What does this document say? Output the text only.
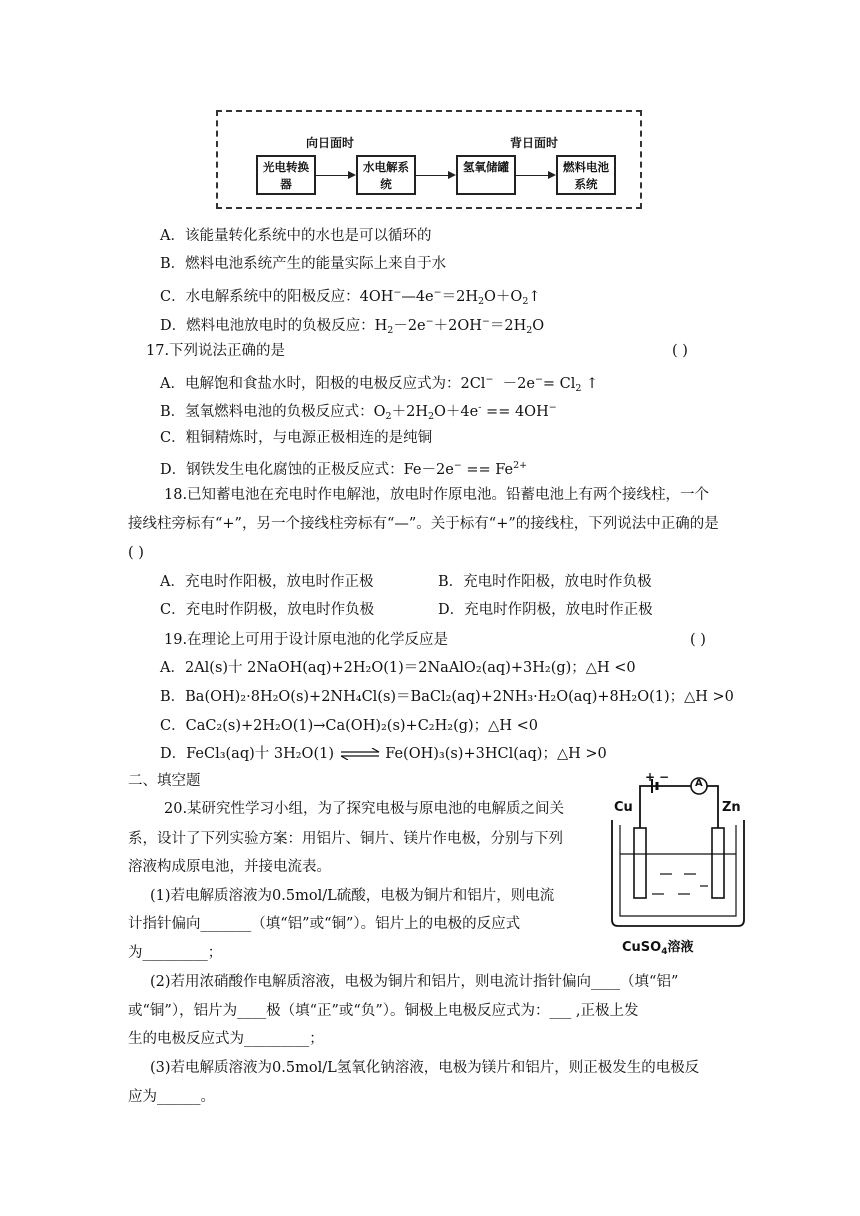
向日面时	背日面时
光电转换器
水电解系统
氢氧储罐	燃料电池系统
A．该能量转化系统中的水也是可以循环的
B．燃料电池系统产生的能量实际上来自于水
C．水电解系统中的阳极反应：$4OH^-—4e^-=2H_2O+O_2↑$
D．燃料电池放电时的负极反应：$H_2-2e^-+2OH^-=2H_2O$
17.下列说法正确的是	( )
A．电解饱和食盐水时，阳极的电极反应式为：$2Cl^- -2e^-= Cl_2$ ↑
B．氢氧燃料电池的负极反应式：$O_2+2H_2O+4e^- == 4OH^-$
C．粗铜精炼时，与电源正极相连的是纯铜
D．钢铁发生电化腐蚀的正极反应式：$Fe-2e^- == Fe^{2+}$
18.已知蓄电池在充电时作电解池，放电时作原电池。铅蓄电池上有两个接线柱，一个
接线柱旁标有“+”，另一个接线柱旁标有“—”。关于标有“+”的接线柱，下列说法中正确的是
( )
A．充电时作阳极，放电时作正极	B．充电时作阳极，放电时作负极
C．充电时作阴极，放电时作负极	D．充电时作阴极，放电时作正极
19.在理论上可用于设计原电池的化学反应是	( )
A．2Al(s)十 2NaOH(aq)+2H₂O(1)＝2NaAlO₂(aq)+3H₂(g)；△H <0
B．Ba(OH)₂·8H₂O(s)+2NH₄Cl(s)＝BaCl₂(aq)+2NH₃·H₂O(aq)+8H₂O(1)；△H >0
C．CaC₂(s)+2H₂O(1)→Ca(OH)₂(s)+C₂H₂(g)；△H <0
D．FeCl₃(aq)十 3H₂O(1) ⇌ Fe(OH)₃(s)+3HCl(aq)；△H >0
二、填空题
20.某研究性学习小组，为了探究电极与原电池的电解质之间关
系，设计了下列实验方案：用铝片、铜片、镁片作电极，分别与下列
溶液构成原电池，并接电流表。
(1)若电解质溶液为0.5mol/L硫酸，电极为铜片和铝片，则电流
计指针偏向_______（填“铝”或“铜”）。铝片上的电极的反应式
为_________；
(2)若用浓硝酸作电解质溶液，电极为铜片和铝片，则电流计指针偏向____（填“铝”
或“铜”），铝片为____极（填“正”或“负”）。铜极上电极反应式为：___ ,正极上发
生的电极反应式为_________；
(3)若电解质溶液为0.5mol/L氢氧化钠溶液，电极为镁片和铝片，则正极发生的电极反
应为______。
+ −	A
Cu	Zn
CuSO$_4$溶液
